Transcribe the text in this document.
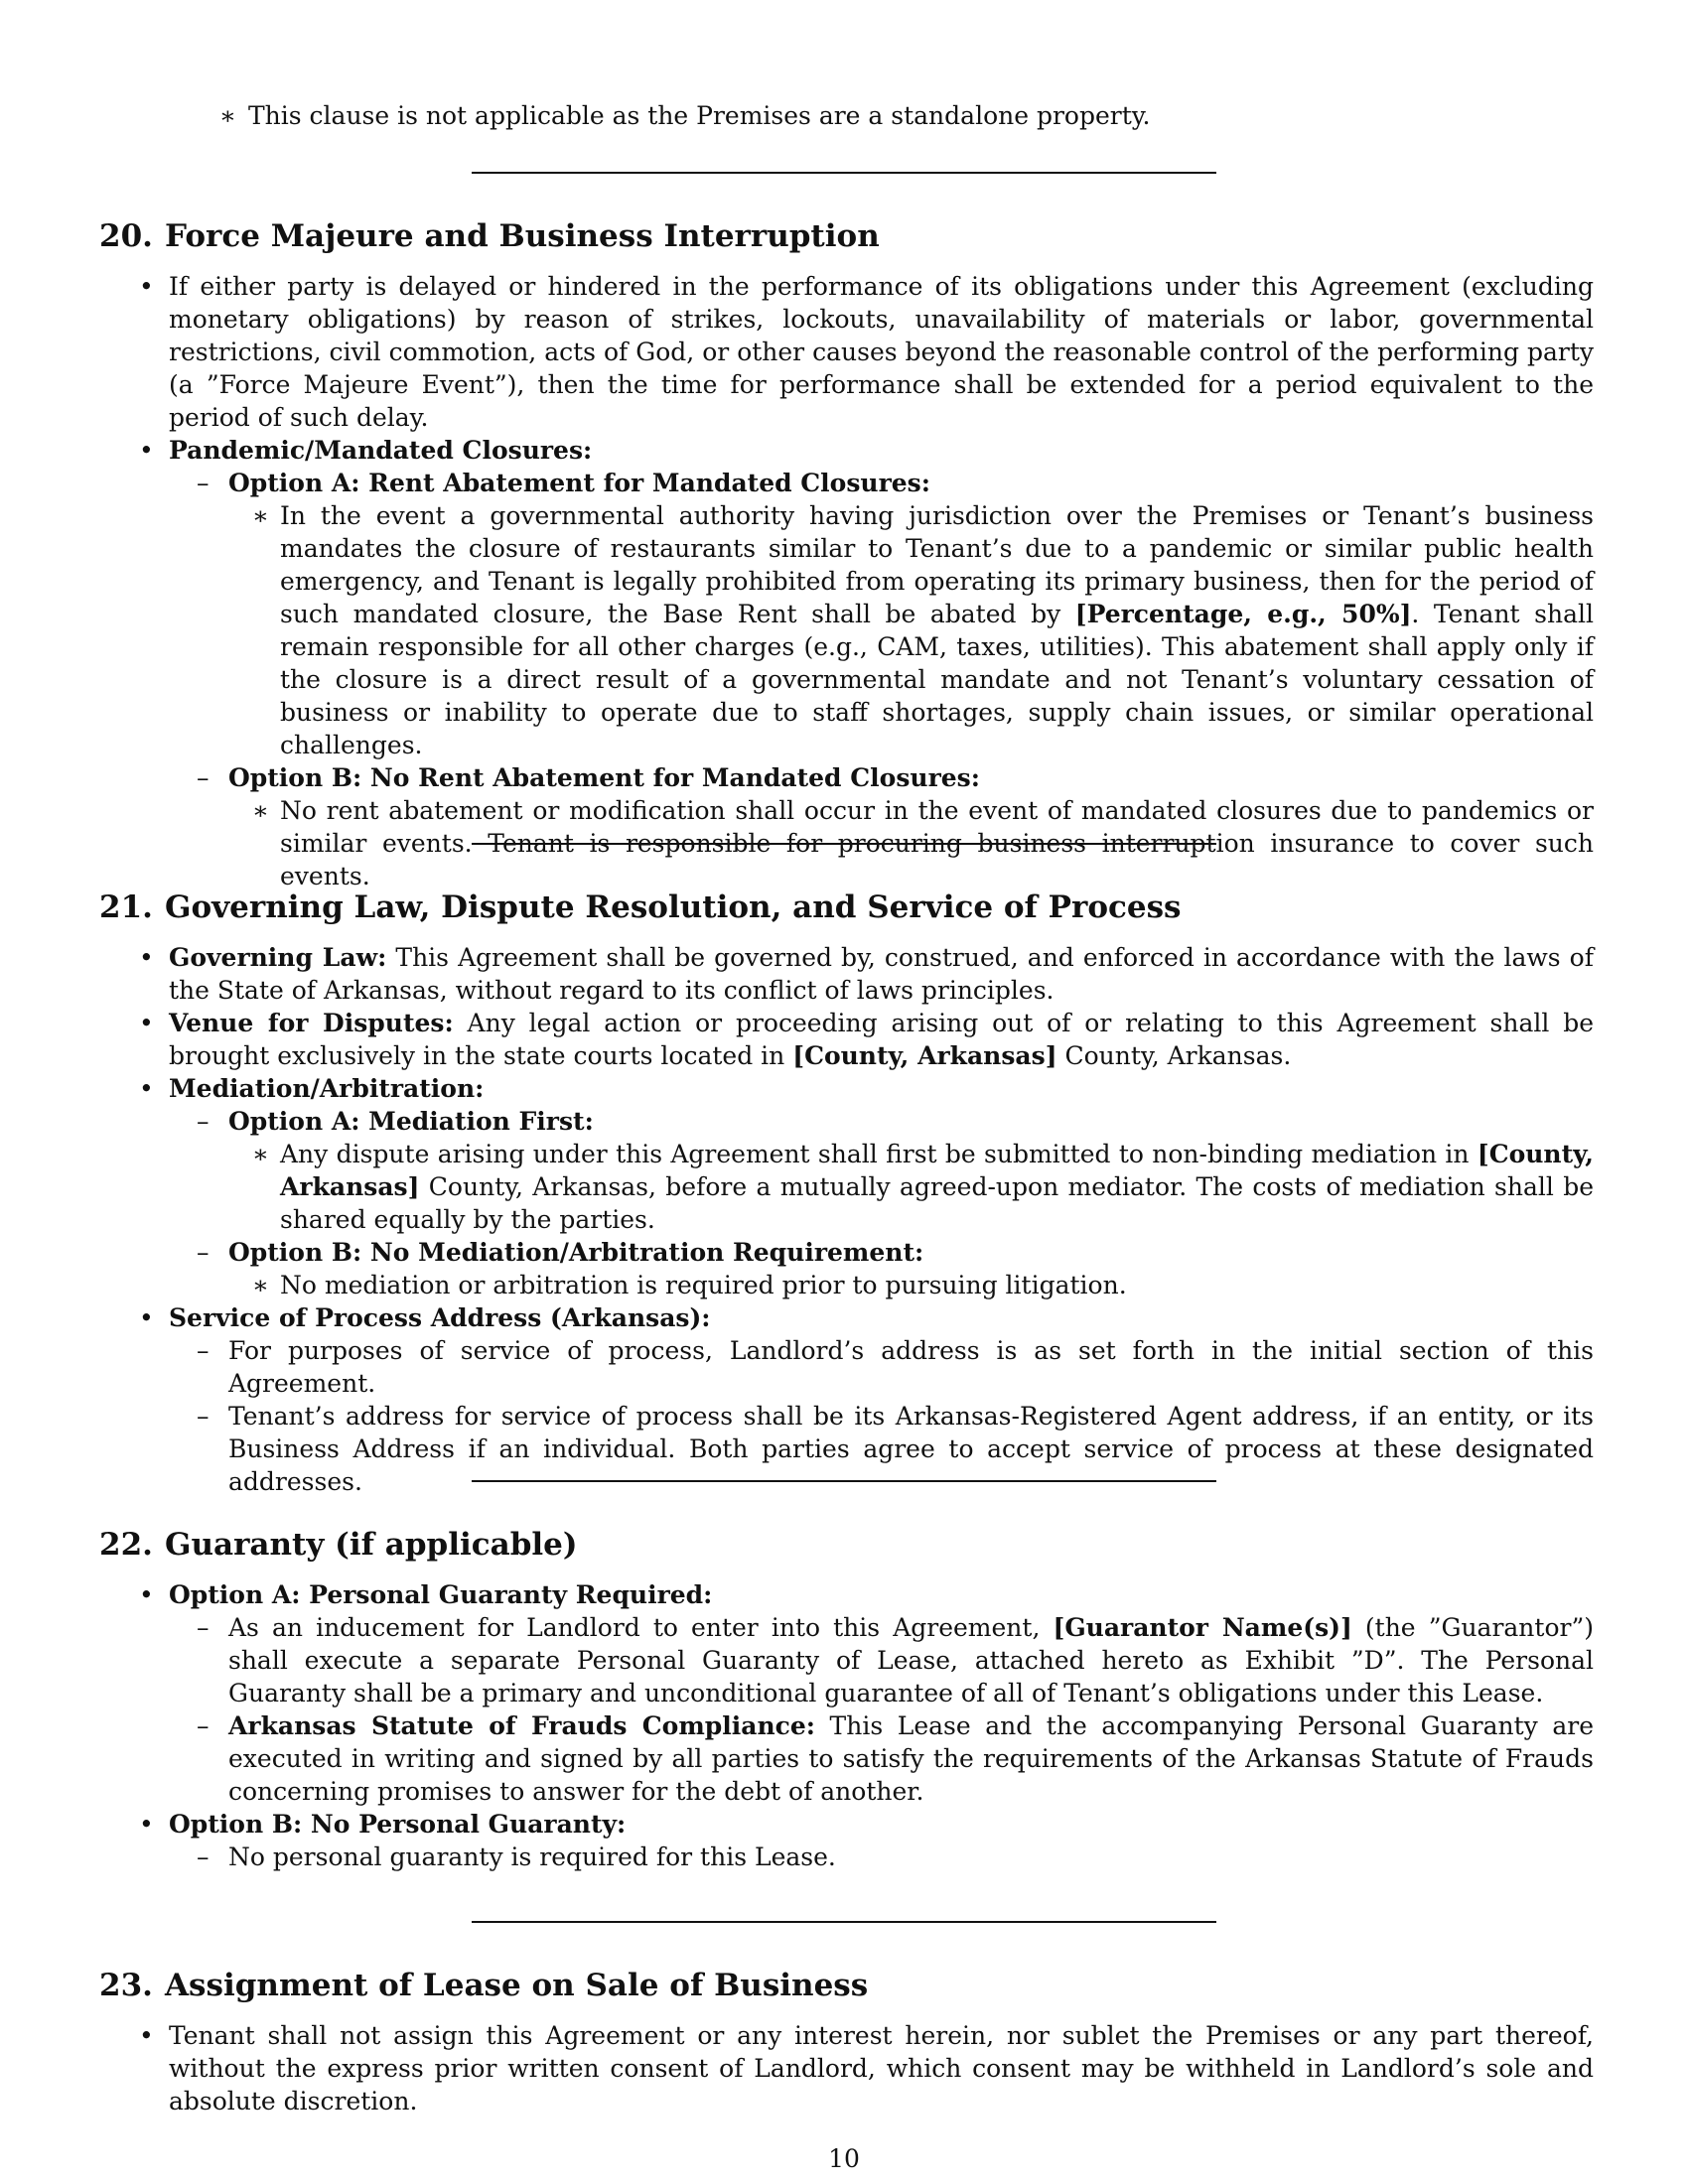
∗ This clause is not applicable as the Premises are a standalone property.
20. Force Majeure and Business Interruption
• If either party is delayed or hindered in the performance of its obligations under this Agreement (excluding monetary obligations) by reason of strikes, lockouts, unavailability of materials or labor, governmental restrictions, civil commotion, acts of God, or other causes beyond the reasonable control of the performing party (a ”Force Majeure Event”), then the time for performance shall be extended for a period equivalent to the period of such delay.
• Pandemic/Mandated Closures:
– Option A: Rent Abatement for Mandated Closures:
∗ In the event a governmental authority having jurisdiction over the Premises or Tenant’s business mandates the closure of restaurants similar to Tenant’s due to a pandemic or similar public health emergency, and Tenant is legally prohibited from operating its primary business, then for the period of such mandated closure, the Base Rent shall be abated by [Percentage, e.g., 50%]. Tenant shall remain responsible for all other charges (e.g., CAM, taxes, utilities). This abatement shall apply only if the closure is a direct result of a governmental mandate and not Tenant’s voluntary cessation of business or inability to operate due to staff shortages, supply chain issues, or similar operational challenges.
– Option B: No Rent Abatement for Mandated Closures:
∗ No rent abatement or modification shall occur in the event of mandated closures due to pandemics or similar events. Tenant is responsible for procuring business interruption insurance to cover such events.
21. Governing Law, Dispute Resolution, and Service of Process
• Governing Law: This Agreement shall be governed by, construed, and enforced in accordance with the laws of the State of Arkansas, without regard to its conflict of laws principles.
• Venue for Disputes: Any legal action or proceeding arising out of or relating to this Agreement shall be brought exclusively in the state courts located in [County, Arkansas] County, Arkansas.
• Mediation/Arbitration:
– Option A: Mediation First:
∗ Any dispute arising under this Agreement shall first be submitted to non-binding mediation in [County, Arkansas] County, Arkansas, before a mutually agreed-upon mediator. The costs of mediation shall be shared equally by the parties.
– Option B: No Mediation/Arbitration Requirement:
∗ No mediation or arbitration is required prior to pursuing litigation.
• Service of Process Address (Arkansas):
– For purposes of service of process, Landlord’s address is as set forth in the initial section of this Agreement.
– Tenant’s address for service of process shall be its Arkansas-Registered Agent address, if an entity, or its Business Address if an individual. Both parties agree to accept service of process at these designated addresses.
22. Guaranty (if applicable)
• Option A: Personal Guaranty Required:
– As an inducement for Landlord to enter into this Agreement, [Guarantor Name(s)] (the ”Guarantor”) shall execute a separate Personal Guaranty of Lease, attached hereto as Exhibit ”D”. The Personal Guaranty shall be a primary and unconditional guarantee of all of Tenant’s obligations under this Lease.
– Arkansas Statute of Frauds Compliance: This Lease and the accompanying Personal Guaranty are executed in writing and signed by all parties to satisfy the requirements of the Arkansas Statute of Frauds concerning promises to answer for the debt of another.
• Option B: No Personal Guaranty:
– No personal guaranty is required for this Lease.
23. Assignment of Lease on Sale of Business
• Tenant shall not assign this Agreement or any interest herein, nor sublet the Premises or any part thereof, without the express prior written consent of Landlord, which consent may be withheld in Landlord’s sole and absolute discretion.
10
